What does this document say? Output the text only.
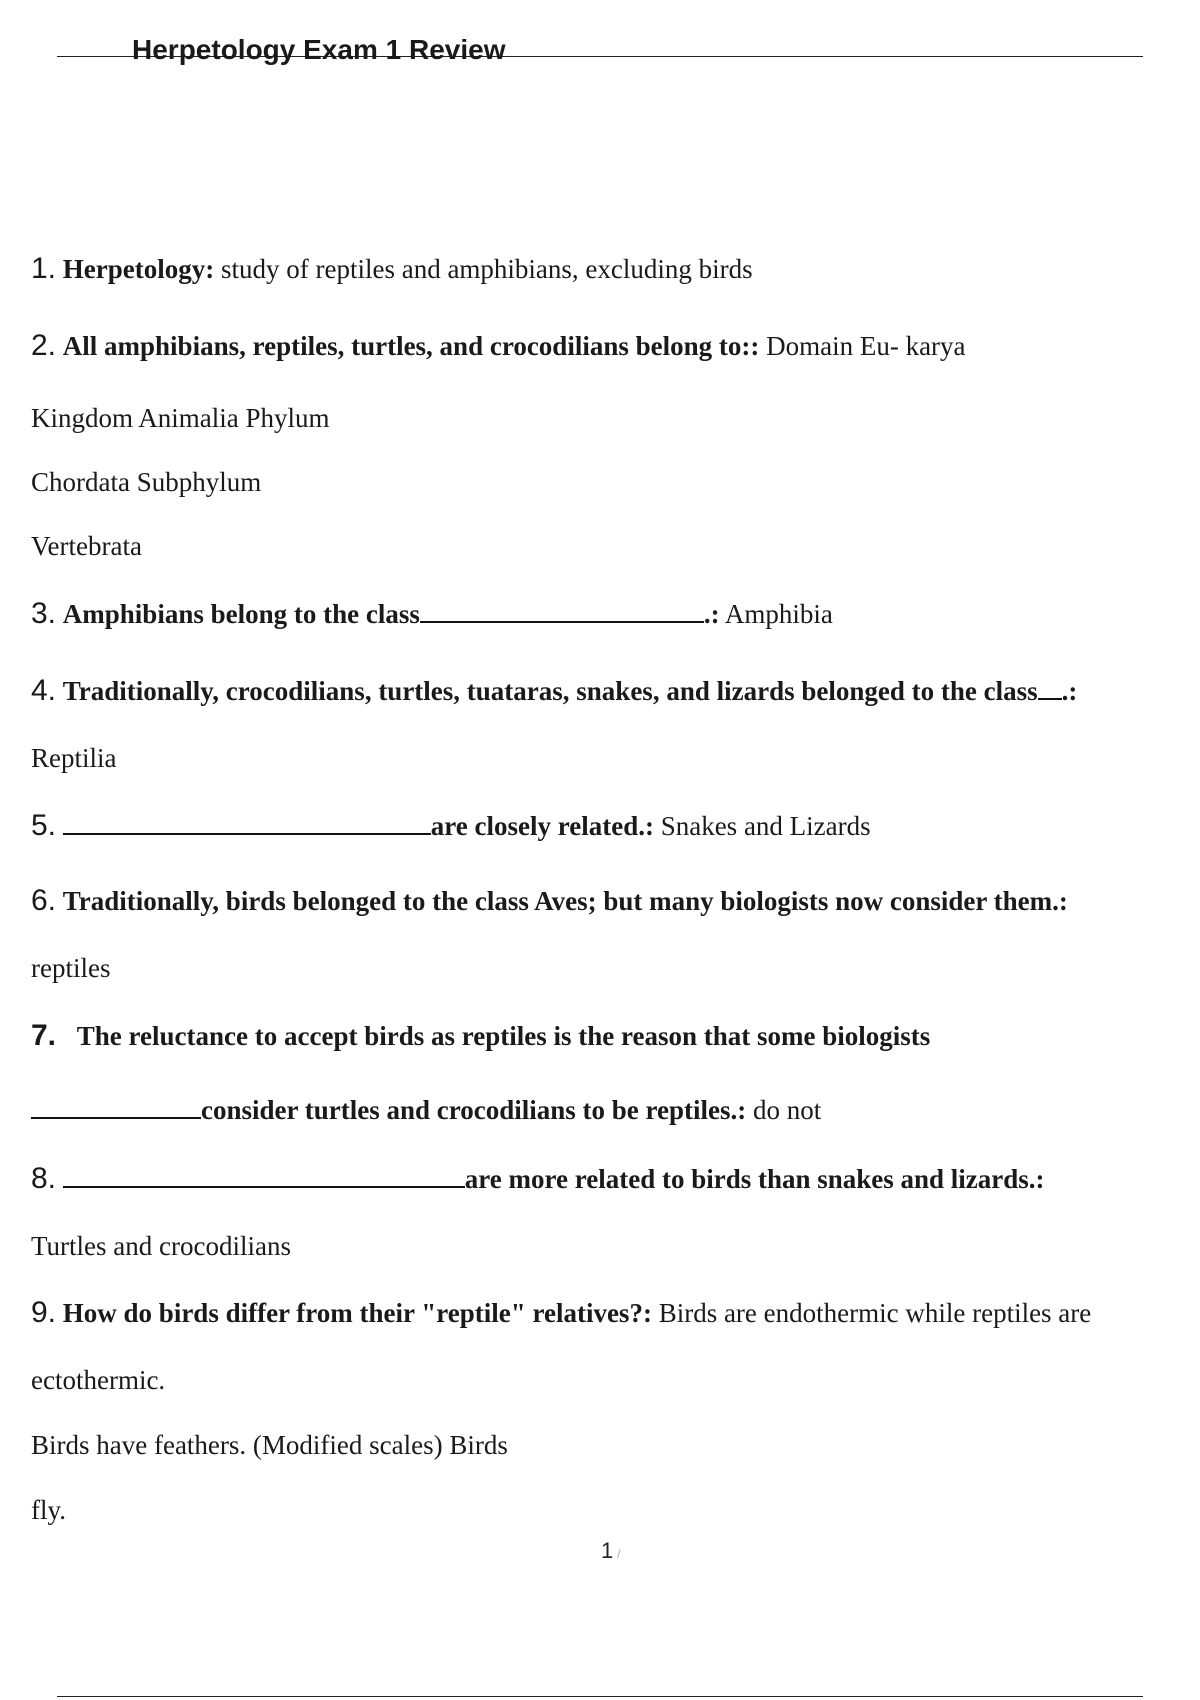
Herpetology Exam 1 Review
1. Herpetology: study of reptiles and amphibians, excluding birds
2. All amphibians, reptiles, turtles, and crocodilians belong to:: Domain Eu- karya
Kingdom Animalia Phylum
Chordata Subphylum
Vertebrata
3. Amphibians belong to the class	.: Amphibia
4. Traditionally, crocodilians, turtles, tuataras, snakes, and lizards belonged to the class .:
Reptilia
5.	are closely related.: Snakes and Lizards
6. Traditionally, birds belonged to the class Aves; but many biologists now consider them.:
reptiles
7. The reluctance to accept birds as reptiles is the reason that some biologists
consider turtles and crocodilians to be reptiles.: do not
8.	are more related to birds than snakes and lizards.:
Turtles and crocodilians
9. How do birds differ from their "reptile" relatives?: Birds are endothermic while reptiles are
ectothermic.
Birds have feathers. (Modified scales) Birds
fly.
1 /
